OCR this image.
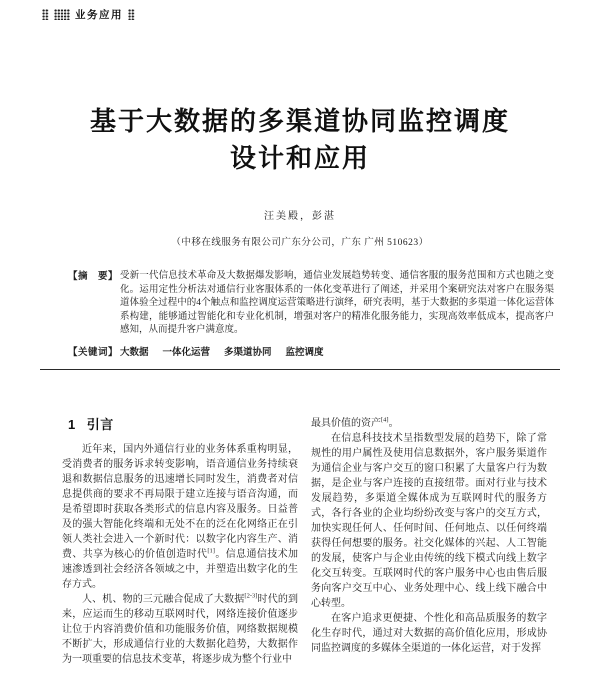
业务应用
基于大数据的多渠道协同监控调度
设计和应用
汪美殿，彭湛
（中移在线服务有限公司广东分公司，广东 广州 510623）
【摘　要】 受新一代信息技术革命及大数据爆发影响，通信业发展趋势转变、通信客服的服务范围和方式也随之变化。运用定性分析法对通信行业客服体系的一体化变革进行了阐述，并采用个案研究法对客户在服务渠道体验全过程中的4个触点和监控调度运营策略进行演绎，研究表明，基于大数据的多渠道一体化运营体系构建，能够通过智能化和专业化机制，增强对客户的精准化服务能力，实现高效率低成本，提高客户感知，从而提升客户满意度。
【关键词】 大数据 一体化运营 多渠道协同 监控调度
1 引言

近年来，国内外通信行业的业务体系重构明显，受消费者的服务诉求转变影响，语音通信业务持续衰退和数据信息服务的迅速增长同时发生，消费者对信息提供商的要求不再局限于建立连接与语音沟通，而是希望即时获取各类形式的信息内容及服务。日益普及的强大智能化终端和无处不在的泛在化网络正在引领人类社会进入一个新时代：以数字化内容生产、消费、共享为核心的价值创造时代[1]。信息通信技术加速渗透到社会经济各领域之中，并塑造出数字化的生存方式。

人、机、物的三元融合促成了大数据[2-3]时代的到来，应运而生的移动互联网时代，网络连接价值逐步让位于内容消费价值和功能服务价值，网络数据规模不断扩大，形成通信行业的大数据化趋势，大数据作为一项重要的信息技术变革，将逐步成为整个行业中

最具价值的资产[4]。

在信息科技技术呈指数型发展的趋势下，除了常规性的用户属性及使用信息数据外，客户服务渠道作为通信企业与客户交互的窗口积累了大量客户行为数据，是企业与客户连接的直接纽带。面对行业与技术发展趋势，多渠道全媒体成为互联网时代的服务方式，各行各业的企业均纷纷改变与客户的交互方式，加快实现任何人、任何时间、任何地点、以任何终端获得任何想要的服务。社交化媒体的兴起、人工智能的发展，使客户与企业由传统的线下模式向线上数字化交互转变。互联网时代的客户服务中心也由售后服务向客户交互中心、业务处理中心、线上线下融合中心转型。

在客户追求更便捷、个性化和高品质服务的数字化生存时代，通过对大数据的高价值化应用，形成协同监控调度的多媒体全渠道的一体化运营，对于发挥
